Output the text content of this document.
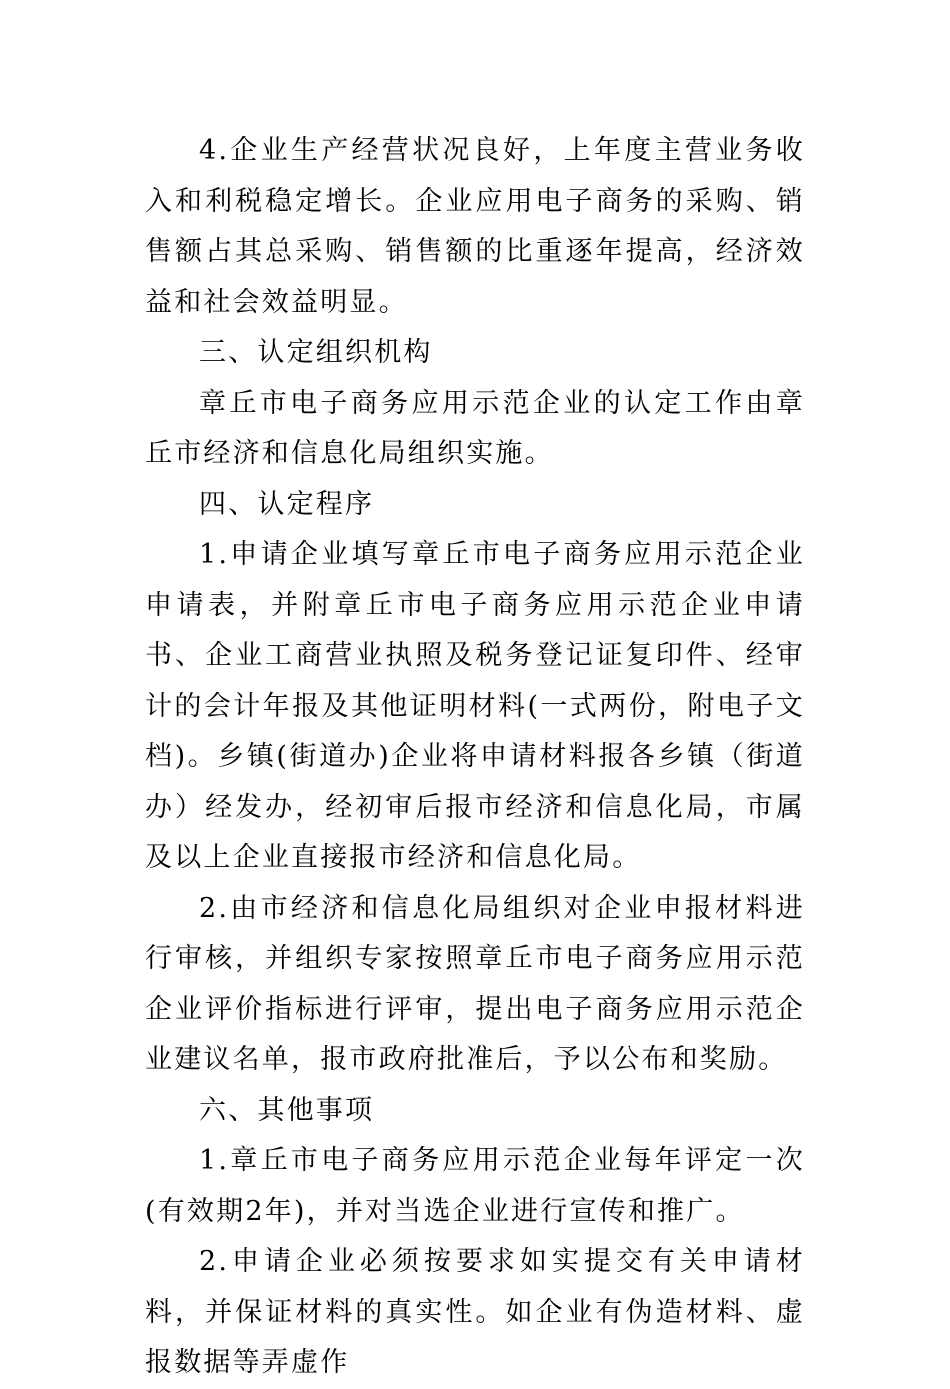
4.企业生产经营状况良好，上年度主营业务收入和利税稳定增长。企业应用电子商务的采购、销售额占其总采购、销售额的比重逐年提高，经济效益和社会效益明显。

三、认定组织机构

章丘市电子商务应用示范企业的认定工作由章丘市经济和信息化局组织实施。

四、认定程序

1.申请企业填写章丘市电子商务应用示范企业申请表，并附章丘市电子商务应用示范企业申请书、企业工商营业执照及税务登记证复印件、经审计的会计年报及其他证明材料(一式两份，附电子文档)。乡镇(街道办)企业将申请材料报各乡镇（街道办）经发办，经初审后报市经济和信息化局，市属及以上企业直接报市经济和信息化局。

2.由市经济和信息化局组织对企业申报材料进行审核，并组织专家按照章丘市电子商务应用示范企业评价指标进行评审，提出电子商务应用示范企业建议名单，报市政府批准后，予以公布和奖励。

六、其他事项

1.章丘市电子商务应用示范企业每年评定一次(有效期2年)，并对当选企业进行宣传和推广。

2.申请企业必须按要求如实提交有关申请材料，并保证材料的真实性。如企业有伪造材料、虚报数据等弄虚作
